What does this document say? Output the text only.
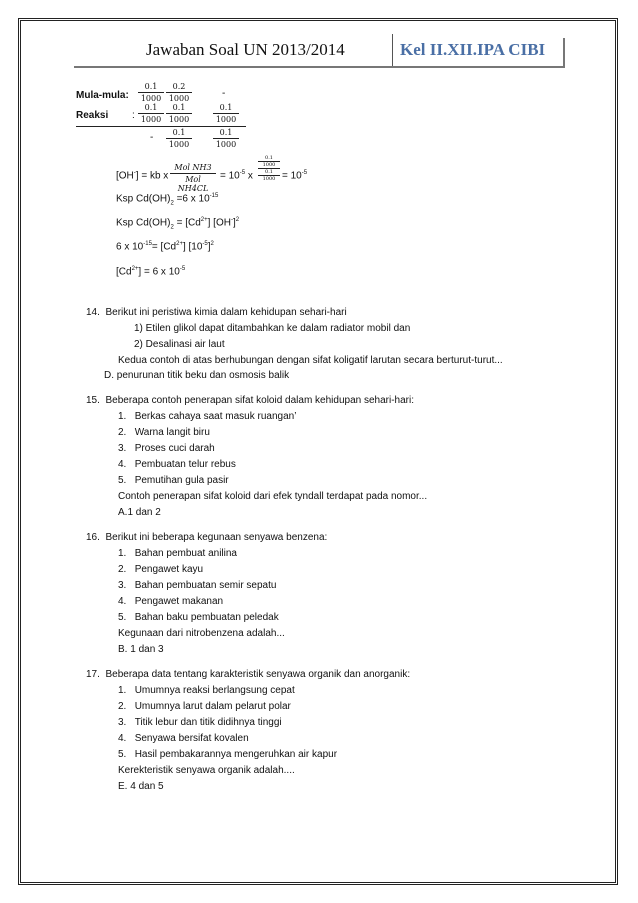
Jawaban Soal UN 2013/2014	Kel II.XII.IPA CIBI
Mula-mula: $\frac{0.1}{1000} \frac{0.2}{1000}$	-
Reaksi : $\frac{0.1}{1000} \frac{0.1}{1000}$	$\frac{0.1}{1000}$
- $\frac{0.1}{1000}$	$\frac{0.1}{1000}$
[OH-] = kb x
Mol NH3
Mol NH4CL
= $10^{-5}$ x
0.1
1000
0.1
$1000 = 10^{-5}$
Ksp $Cd(OH)_2 =6$ x $10^{-15}$
Ksp $Cd(OH)_2 = [Cd^{2+}]$ $[OH^-]^2$
6 x $10^{-15}= [Cd^{2+}]$ $[10^{-5}]^2$
$[Cd^{2+}] = 6$ x $10^{-5}$
14. Berikut ini peristiwa kimia dalam kehidupan sehari-hari
1) Etilen glikol dapat ditambahkan ke dalam radiator mobil dan
2) Desalinasi air laut
Kedua contoh di atas berhubungan dengan sifat koligatif larutan secara berturut-turut...
D. penurunan titik beku dan osmosis balik
15. Beberapa contoh penerapan sifat koloid dalam kehidupan sehari-hari:
1. Berkas cahaya saat masuk ruangan’
2. Warna langit biru
3. Proses cuci darah
4. Pembuatan telur rebus
5. Pemutihan gula pasir
Contoh penerapan sifat koloid dari efek tyndall terdapat pada nomor...
A.1 dan 2
16. Berikut ini beberapa kegunaan senyawa benzena:
1. Bahan pembuat anilina
2. Pengawet kayu
3. Bahan pembuatan semir sepatu
4. Pengawet makanan
5. Bahan baku pembuatan peledak
Kegunaan dari nitrobenzena adalah...
B. 1 dan 3
17. Beberapa data tentang karakteristik senyawa organik dan anorganik:
1. Umumnya reaksi berlangsung cepat
2. Umumnya larut dalam pelarut polar
3. Titik lebur dan titik didihnya tinggi
4. Senyawa bersifat kovalen
5. Hasil pembakarannya mengeruhkan air kapur
Kerekteristik senyawa organik adalah....
E. 4 dan 5
